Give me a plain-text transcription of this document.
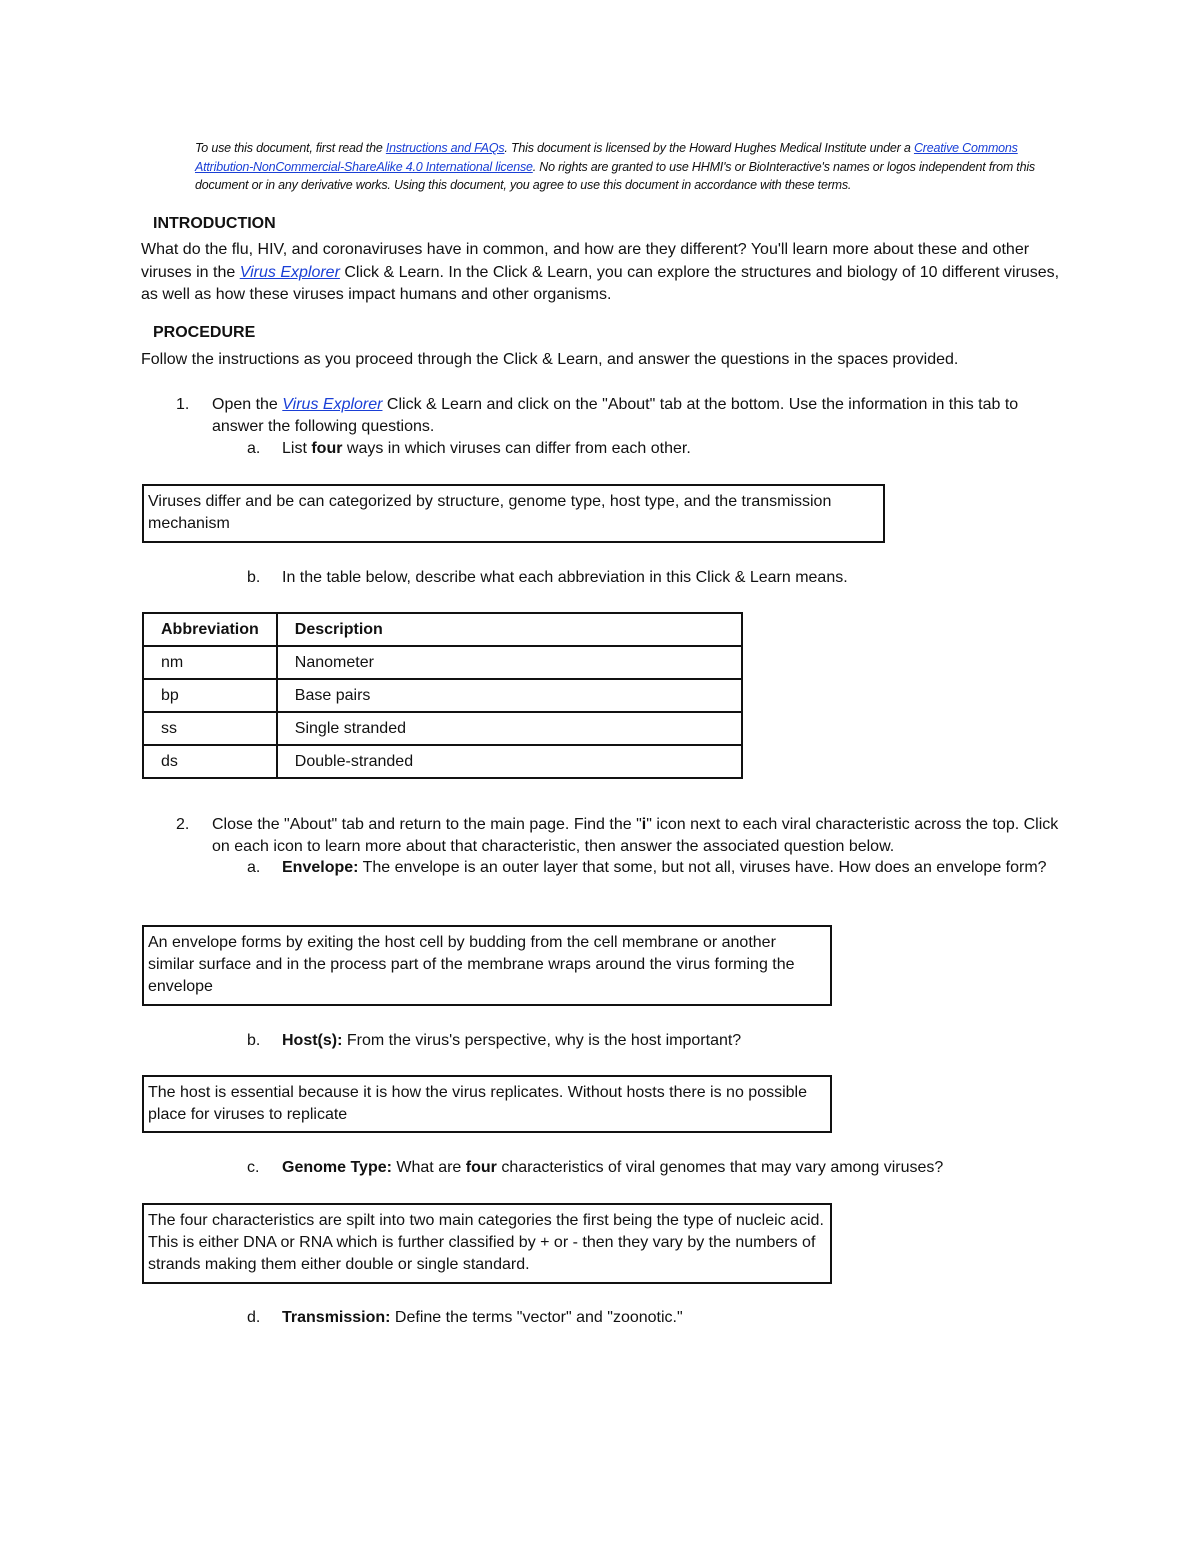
To use this document, first read the Instructions and FAQs. This document is licensed by the Howard Hughes Medical Institute under a Creative Commons Attribution-NonCommercial-ShareAlike 4.0 International license. No rights are granted to use HHMI's or BioInteractive's names or logos independent from this document or in any derivative works. Using this document, you agree to use this document in accordance with these terms.
INTRODUCTION
What do the flu, HIV, and coronaviruses have in common, and how are they different? You'll learn more about these and other viruses in the Virus Explorer Click & Learn. In the Click & Learn, you can explore the structures and biology of 10 different viruses, as well as how these viruses impact humans and other organisms.
PROCEDURE
Follow the instructions as you proceed through the Click & Learn, and answer the questions in the spaces provided.
1. Open the Virus Explorer Click & Learn and click on the "About" tab at the bottom. Use the information in this tab to answer the following questions.
a. List four ways in which viruses can differ from each other.
Viruses differ and be can categorized by structure, genome type, host type, and the transmission mechanism
b. In the table below, describe what each abbreviation in this Click & Learn means.
Abbreviation	Description
nm	Nanometer
bp	Base pairs
ss	Single stranded
ds	Double-stranded
2. Close the "About" tab and return to the main page. Find the "i" icon next to each viral characteristic across the top. Click on each icon to learn more about that characteristic, then answer the associated question below.
a. Envelope: The envelope is an outer layer that some, but not all, viruses have. How does an envelope form?
An envelope forms by exiting the host cell by budding from the cell membrane or another similar surface and in the process part of the membrane wraps around the virus forming the envelope
b. Host(s): From the virus's perspective, why is the host important?
The host is essential because it is how the virus replicates. Without hosts there is no possible place for viruses to replicate
c. Genome Type: What are four characteristics of viral genomes that may vary among viruses?
The four characteristics are spilt into two main categories the first being the type of nucleic acid. This is either DNA or RNA which is further classified by + or - then they vary by the numbers of strands making them either double or single standard.
d. Transmission: Define the terms "vector" and "zoonotic."
